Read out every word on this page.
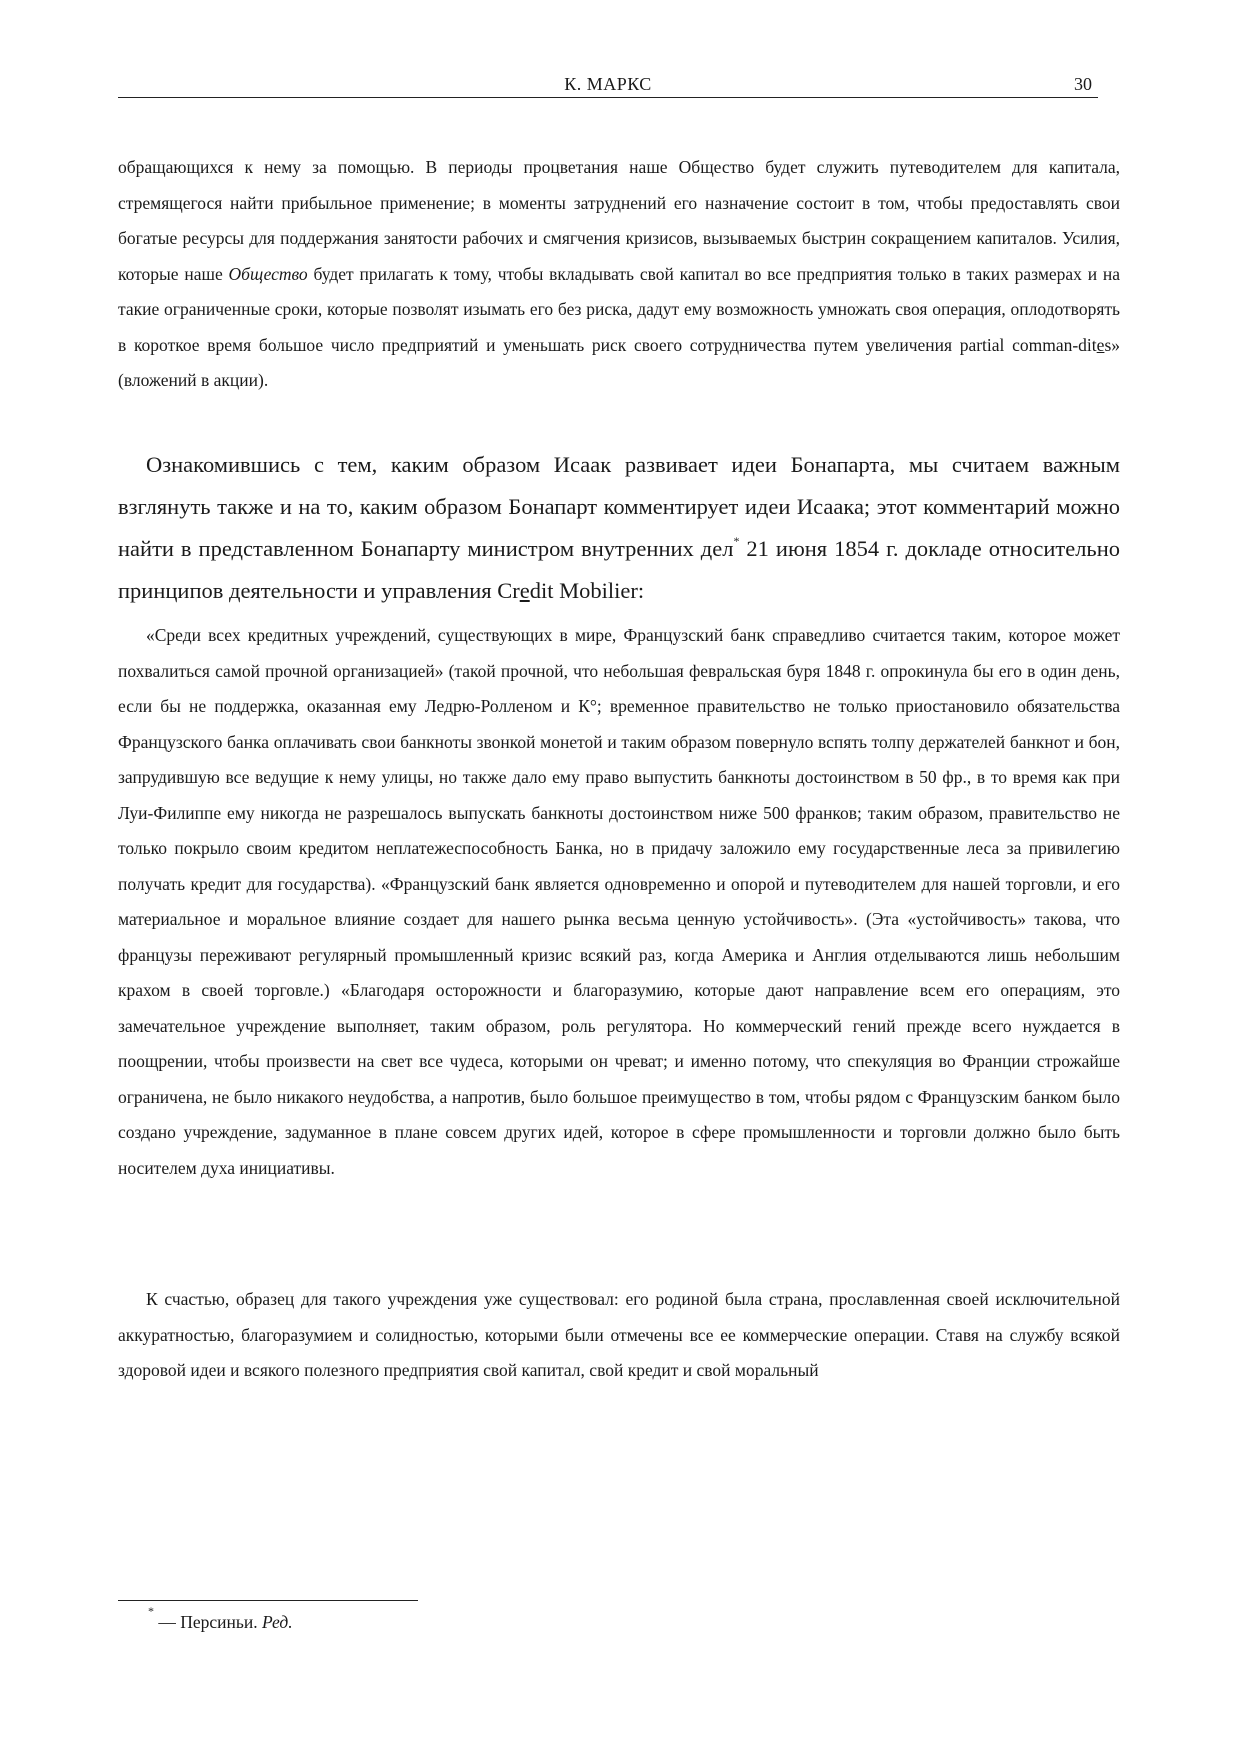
К. МАРКС	30

обращающихся к нему за помощью. В периоды процветания наше Общество будет служить путеводителем для капитала, стремящегося найти прибыльное применение; в моменты затруднений его назначение состоит в том, чтобы предоставлять свои богатые ресурсы для поддержания занятости рабочих и смягчения кризисов, вызываемых быстрин сокращением капиталов. Усилия, которые наше Общество будет прилагать к тому, чтобы вкладывать свой капитал во все предприятия только в таких размерах и на такие ограниченные сроки, которые позволят изымать его без риска, дадут ему возможность умножать своя операция, оплодотворять в короткое время большое число предприятий и уменьшать риск своего сотрудничества путем увеличения partial comman-dites» (вложений в акции).

Ознакомившись с тем, каким образом Исаак развивает идеи Бонапарта, мы считаем важным взглянуть также и на то, каким образом Бонапарт комментирует идеи Исаака; этот комментарий можно найти в представленном Бонапарту министром внутренних дел* 21 июня 1854 г. докладе относительно принципов деятельности и управления Credit Mobilier:

«Среди всех кредитных учреждений, существующих в мире, Французский банк справедливо считается таким, которое может похвалиться самой прочной организацией» (такой прочной, что небольшая февральская буря 1848 г. опрокинула бы его в один день, если бы не поддержка, оказанная ему Ледрю-Ролленом и К°; временное правительство не только приостановило обязательства Французского банка оплачивать свои банкноты звонкой монетой и таким образом повернуло вспять толпу держателей банкнот и бон, запрудившую все ведущие к нему улицы, но также дало ему право выпустить банкноты достоинством в 50 фр., в то время как при Луи-Филиппе ему никогда не разрешалось выпускать банкноты достоинством ниже 500 франков; таким образом, правительство не только покрыло своим кредитом неплатежеспособность Банка, но в придачу заложило ему государственные леса за привилегию получать кредит для государства). «Французский банк является одновременно и опорой и путеводителем для нашей торговли, и его материальное и моральное влияние создает для нашего рынка весьма ценную устойчивость». (Эта «устойчивость» такова, что французы переживают регулярный промышленный кризис всякий раз, когда Америка и Англия отделываются лишь небольшим крахом в своей торговле.) «Благодаря осторожности и благоразумию, которые дают направление всем его операциям, это замечательное учреждение выполняет, таким образом, роль регулятора. Но коммерческий гений прежде всего нуждается в поощрении, чтобы произвести на свет все чудеса, которыми он чреват; и именно потому, что спекуляция во Франции строжайше ограничена, не было никакого неудобства, а напротив, было большое преимущество в том, чтобы рядом с Французским банком было создано учреждение, задуманное в плане совсем других идей, которое в сфере промышленности и торговли должно было быть носителем духа инициативы.

К счастью, образец для такого учреждения уже существовал: его родиной была страна, прославленная своей исключительной аккуратностью, благоразумием и солидностью, которыми были отмечены все ее коммерческие операции. Ставя на службу всякой здоровой идеи и всякого полезного предприятия свой капитал, свой кредит и свой моральный

* — Персиньи. Ред.
